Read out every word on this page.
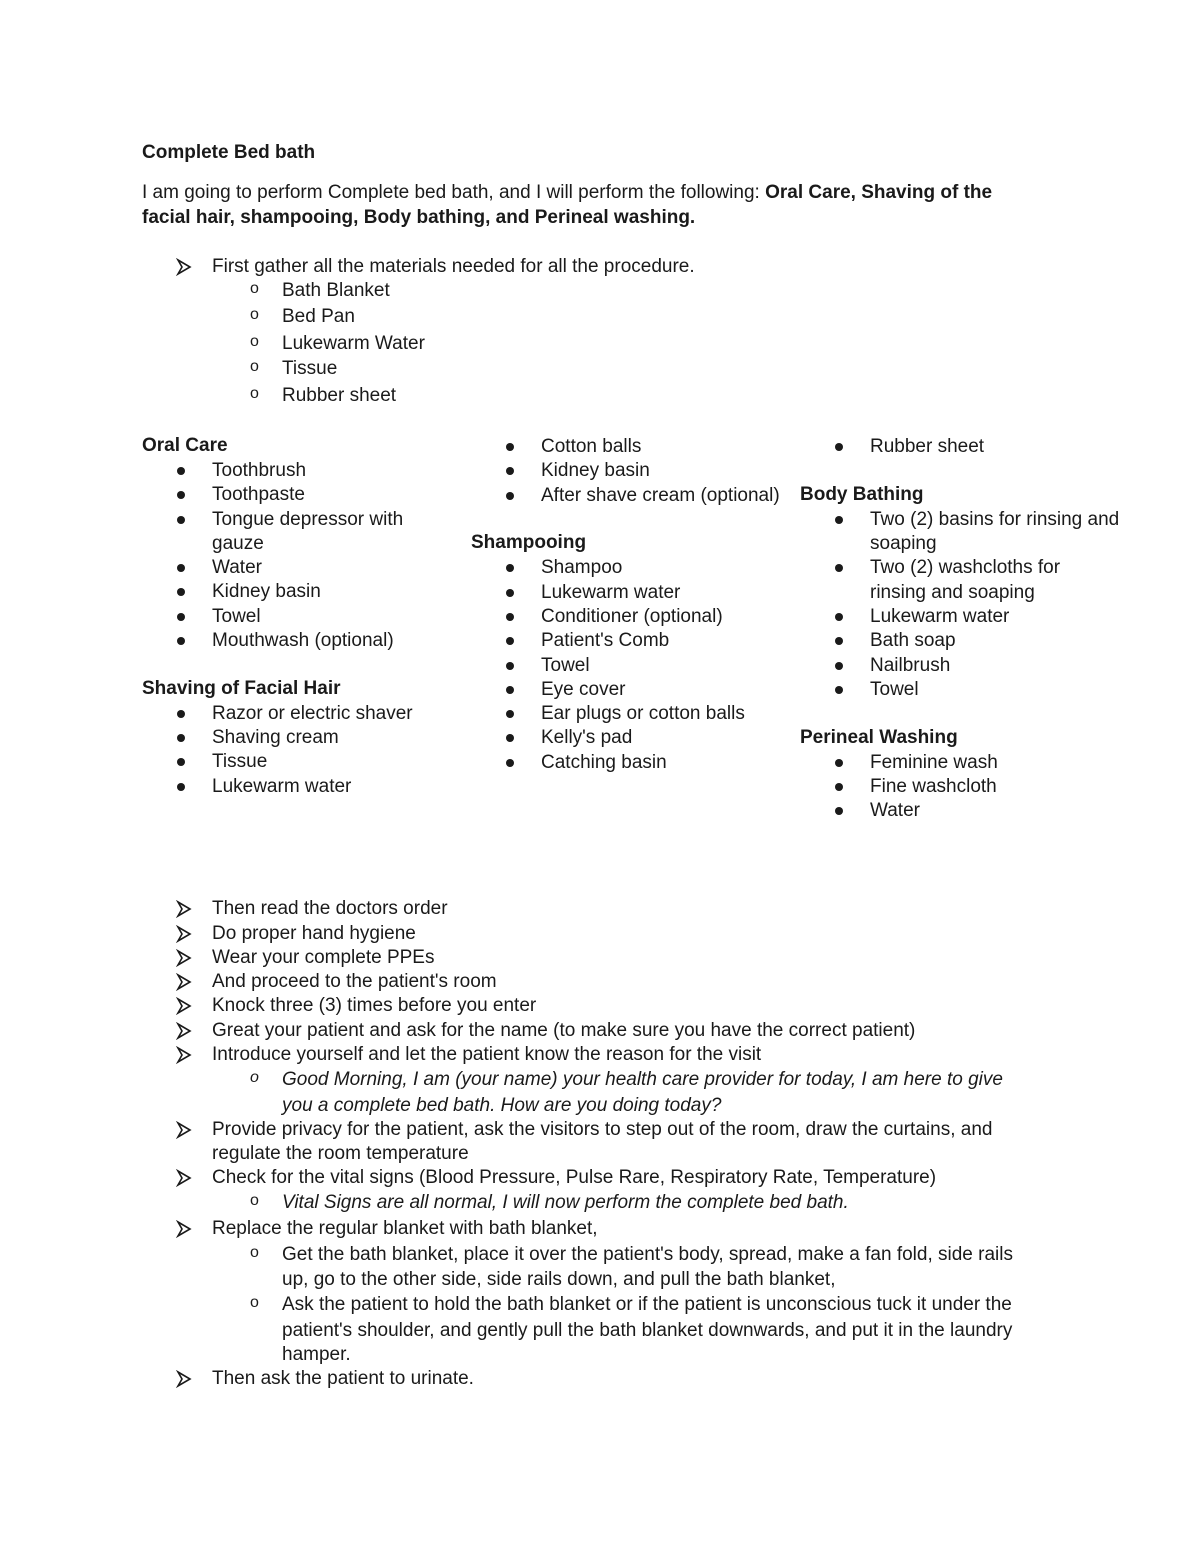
Complete Bed bath
I am going to perform Complete bed bath, and I will perform the following: Oral Care, Shaving of the
facial hair, shampooing, Body bathing, and Perineal washing.
First gather all the materials needed for all the procedure.
o Bath Blanket
o Bed Pan
o Lukewarm Water
o Tissue
o Rubber sheet
Oral Care
Toothbrush
Toothpaste
Tongue depressor with gauze
Water
Kidney basin
Towel
Mouthwash (optional)
Shaving of Facial Hair
Razor or electric shaver
Shaving cream
Tissue
Lukewarm water
Cotton balls
Kidney basin
After shave cream (optional)
Shampooing
Shampoo
Lukewarm water
Conditioner (optional)
Patient's Comb
Towel
Eye cover
Ear plugs or cotton balls
Kelly's pad
Catching basin
Rubber sheet
Body Bathing
Two (2) basins for rinsing and soaping
Two (2) washcloths for rinsing and soaping
Lukewarm water
Bath soap
Nailbrush
Towel
Perineal Washing
Feminine wash
Fine washcloth
Water
Then read the doctors order
Do proper hand hygiene
Wear your complete PPEs
And proceed to the patient's room
Knock three (3) times before you enter
Great your patient and ask for the name (to make sure you have the correct patient)
Introduce yourself and let the patient know the reason for the visit
o Good Morning, I am (your name) your health care provider for today, I am here to give
you a complete bed bath. How are you doing today?
Provide privacy for the patient, ask the visitors to step out of the room, draw the curtains, and
regulate the room temperature
Check for the vital signs (Blood Pressure, Pulse Rare, Respiratory Rate, Temperature)
o Vital Signs are all normal, I will now perform the complete bed bath.
Replace the regular blanket with bath blanket,
o Get the bath blanket, place it over the patient's body, spread, make a fan fold, side rails
up, go to the other side, side rails down, and pull the bath blanket,
o Ask the patient to hold the bath blanket or if the patient is unconscious tuck it under the
patient's shoulder, and gently pull the bath blanket downwards, and put it in the laundry
hamper.
Then ask the patient to urinate.
